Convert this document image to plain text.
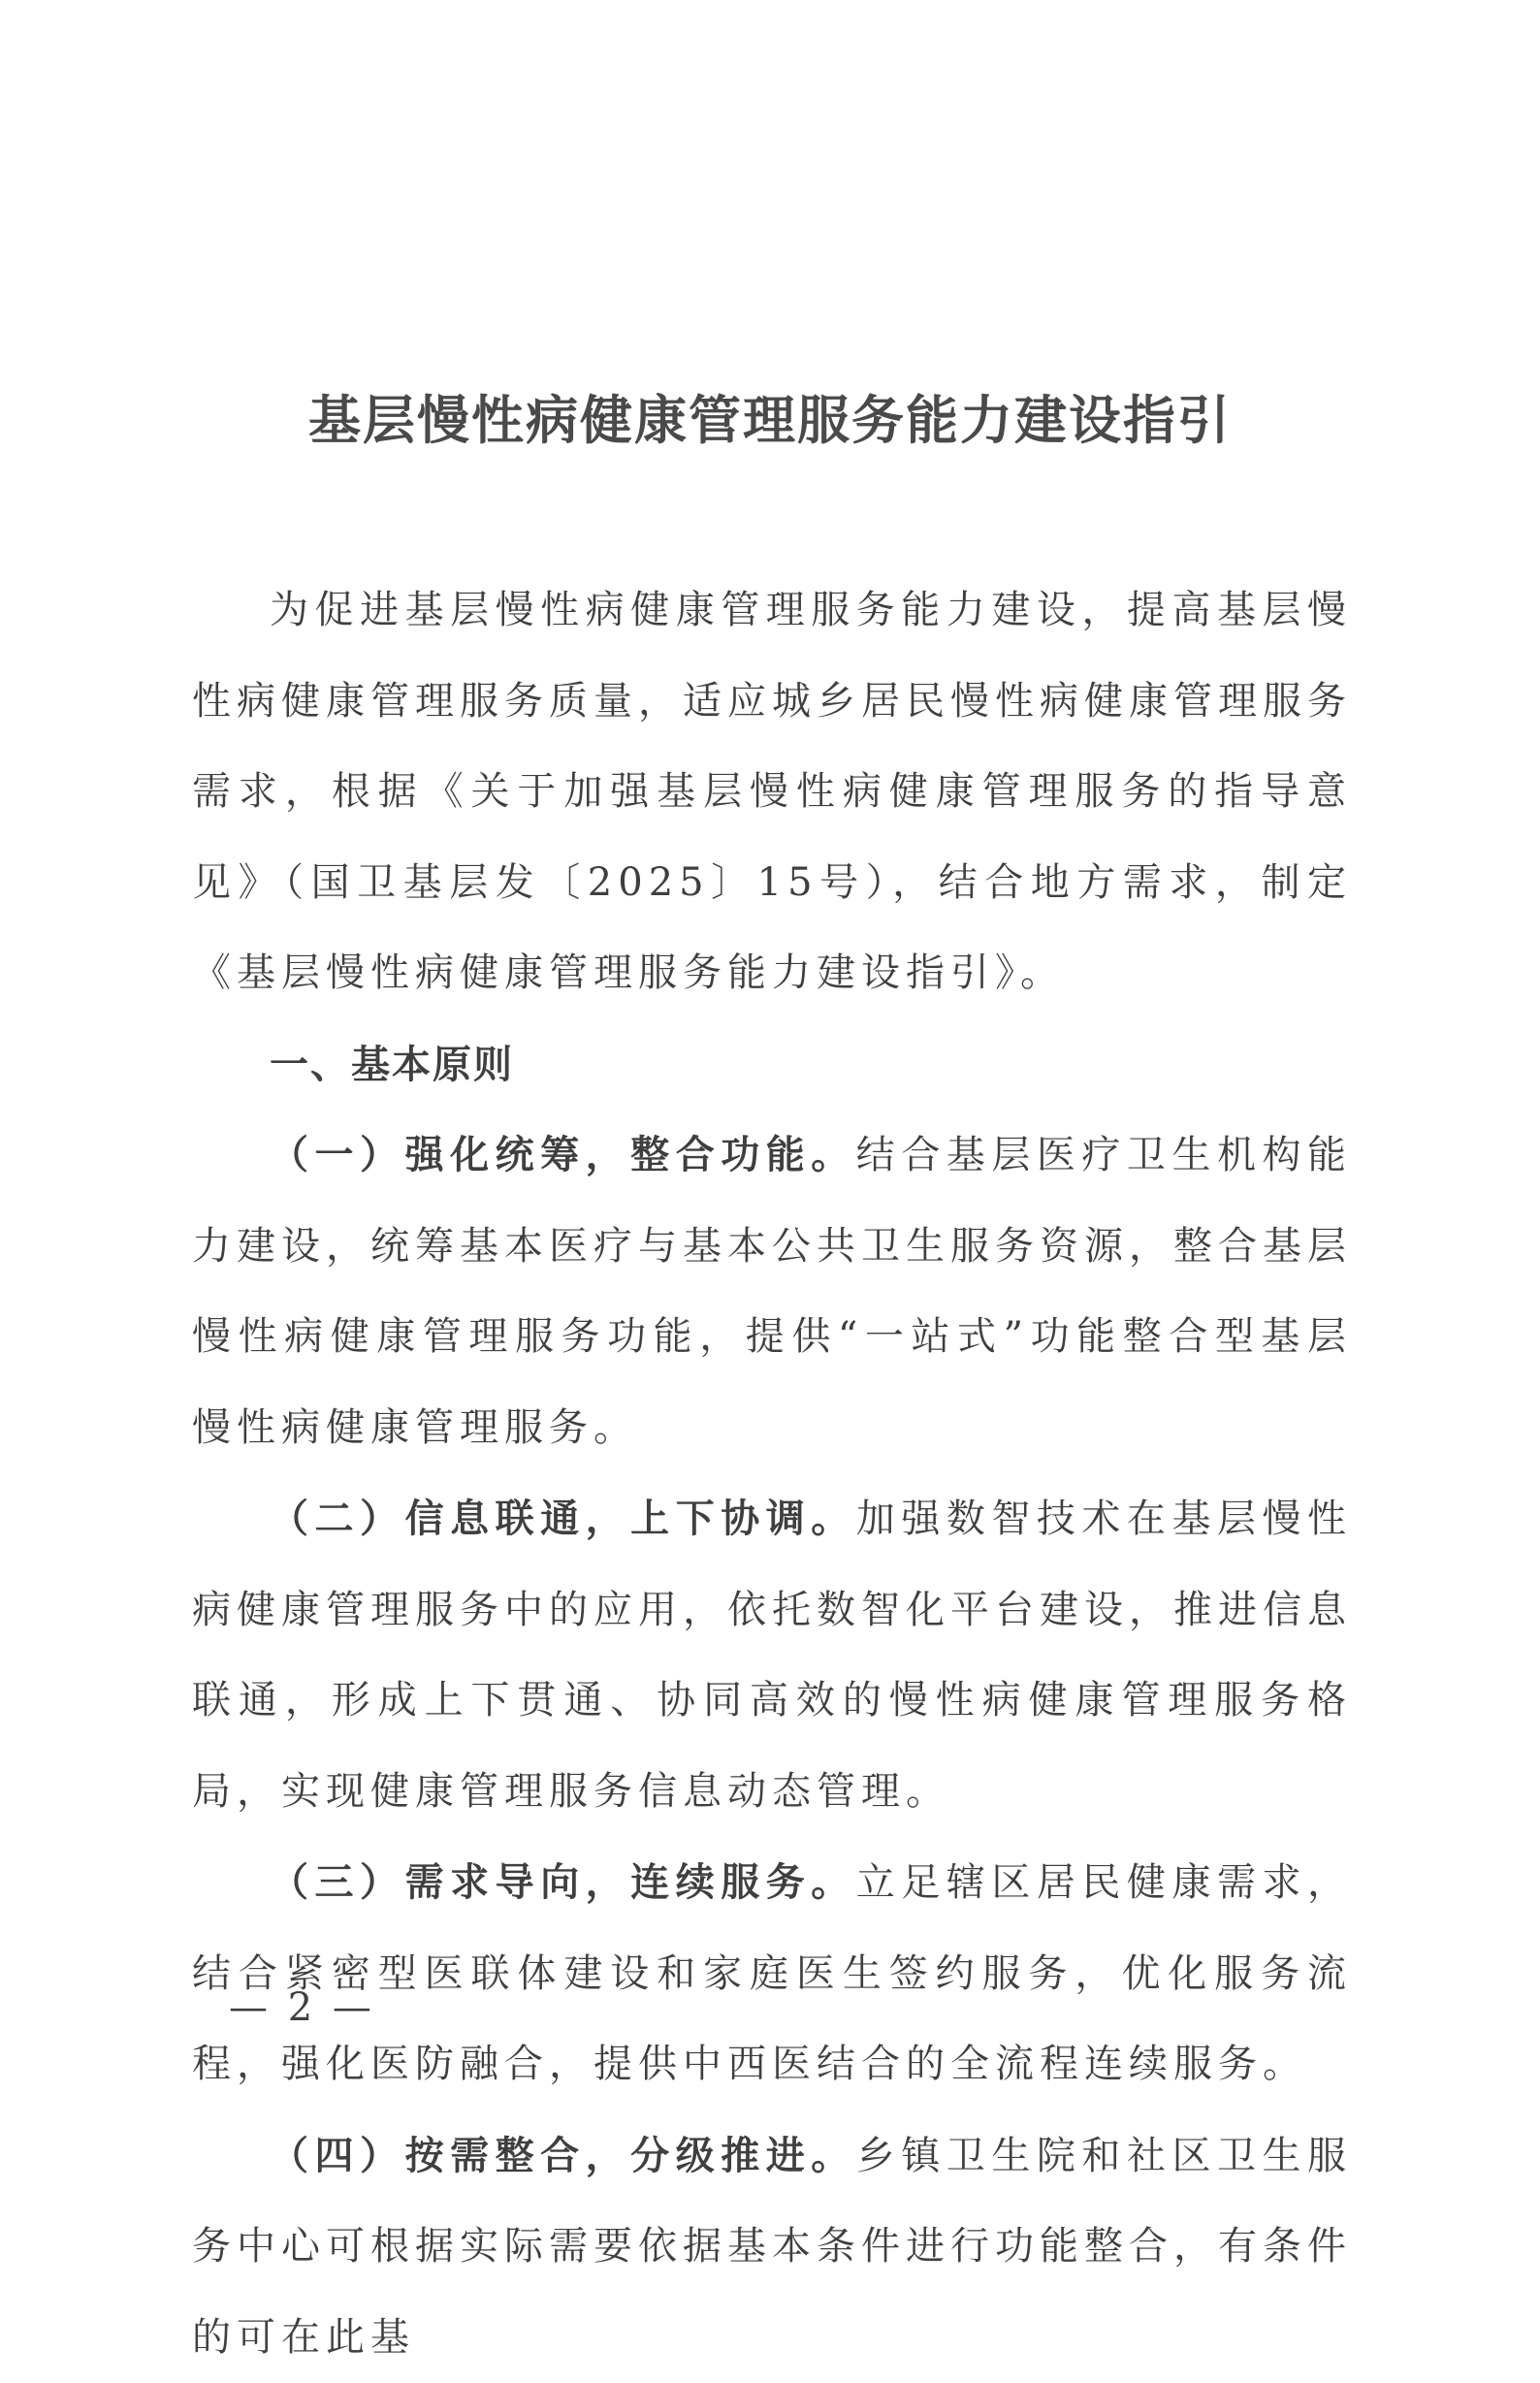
基层慢性病健康管理服务能力建设指引

为促进基层慢性病健康管理服务能力建设，提高基层慢性病健康管理服务质量，适应城乡居民慢性病健康管理服务需求，根据《关于加强基层慢性病健康管理服务的指导意见》（国卫基层发〔2025〕15号），结合地方需求，制定《基层慢性病健康管理服务能力建设指引》。

一、基本原则

（一）强化统筹，整合功能。结合基层医疗卫生机构能力建设，统筹基本医疗与基本公共卫生服务资源，整合基层慢性病健康管理服务功能，提供“一站式”功能整合型基层慢性病健康管理服务。

（二）信息联通，上下协调。加强数智技术在基层慢性病健康管理服务中的应用，依托数智化平台建设，推进信息联通，形成上下贯通、协同高效的慢性病健康管理服务格局，实现健康管理服务信息动态管理。

（三）需求导向，连续服务。立足辖区居民健康需求，结合紧密型医联体建设和家庭医生签约服务，优化服务流程，强化医防融合，提供中西医结合的全流程连续服务。

（四）按需整合，分级推进。乡镇卫生院和社区卫生服务中心可根据实际需要依据基本条件进行功能整合，有条件的可在此基

— 2 —
